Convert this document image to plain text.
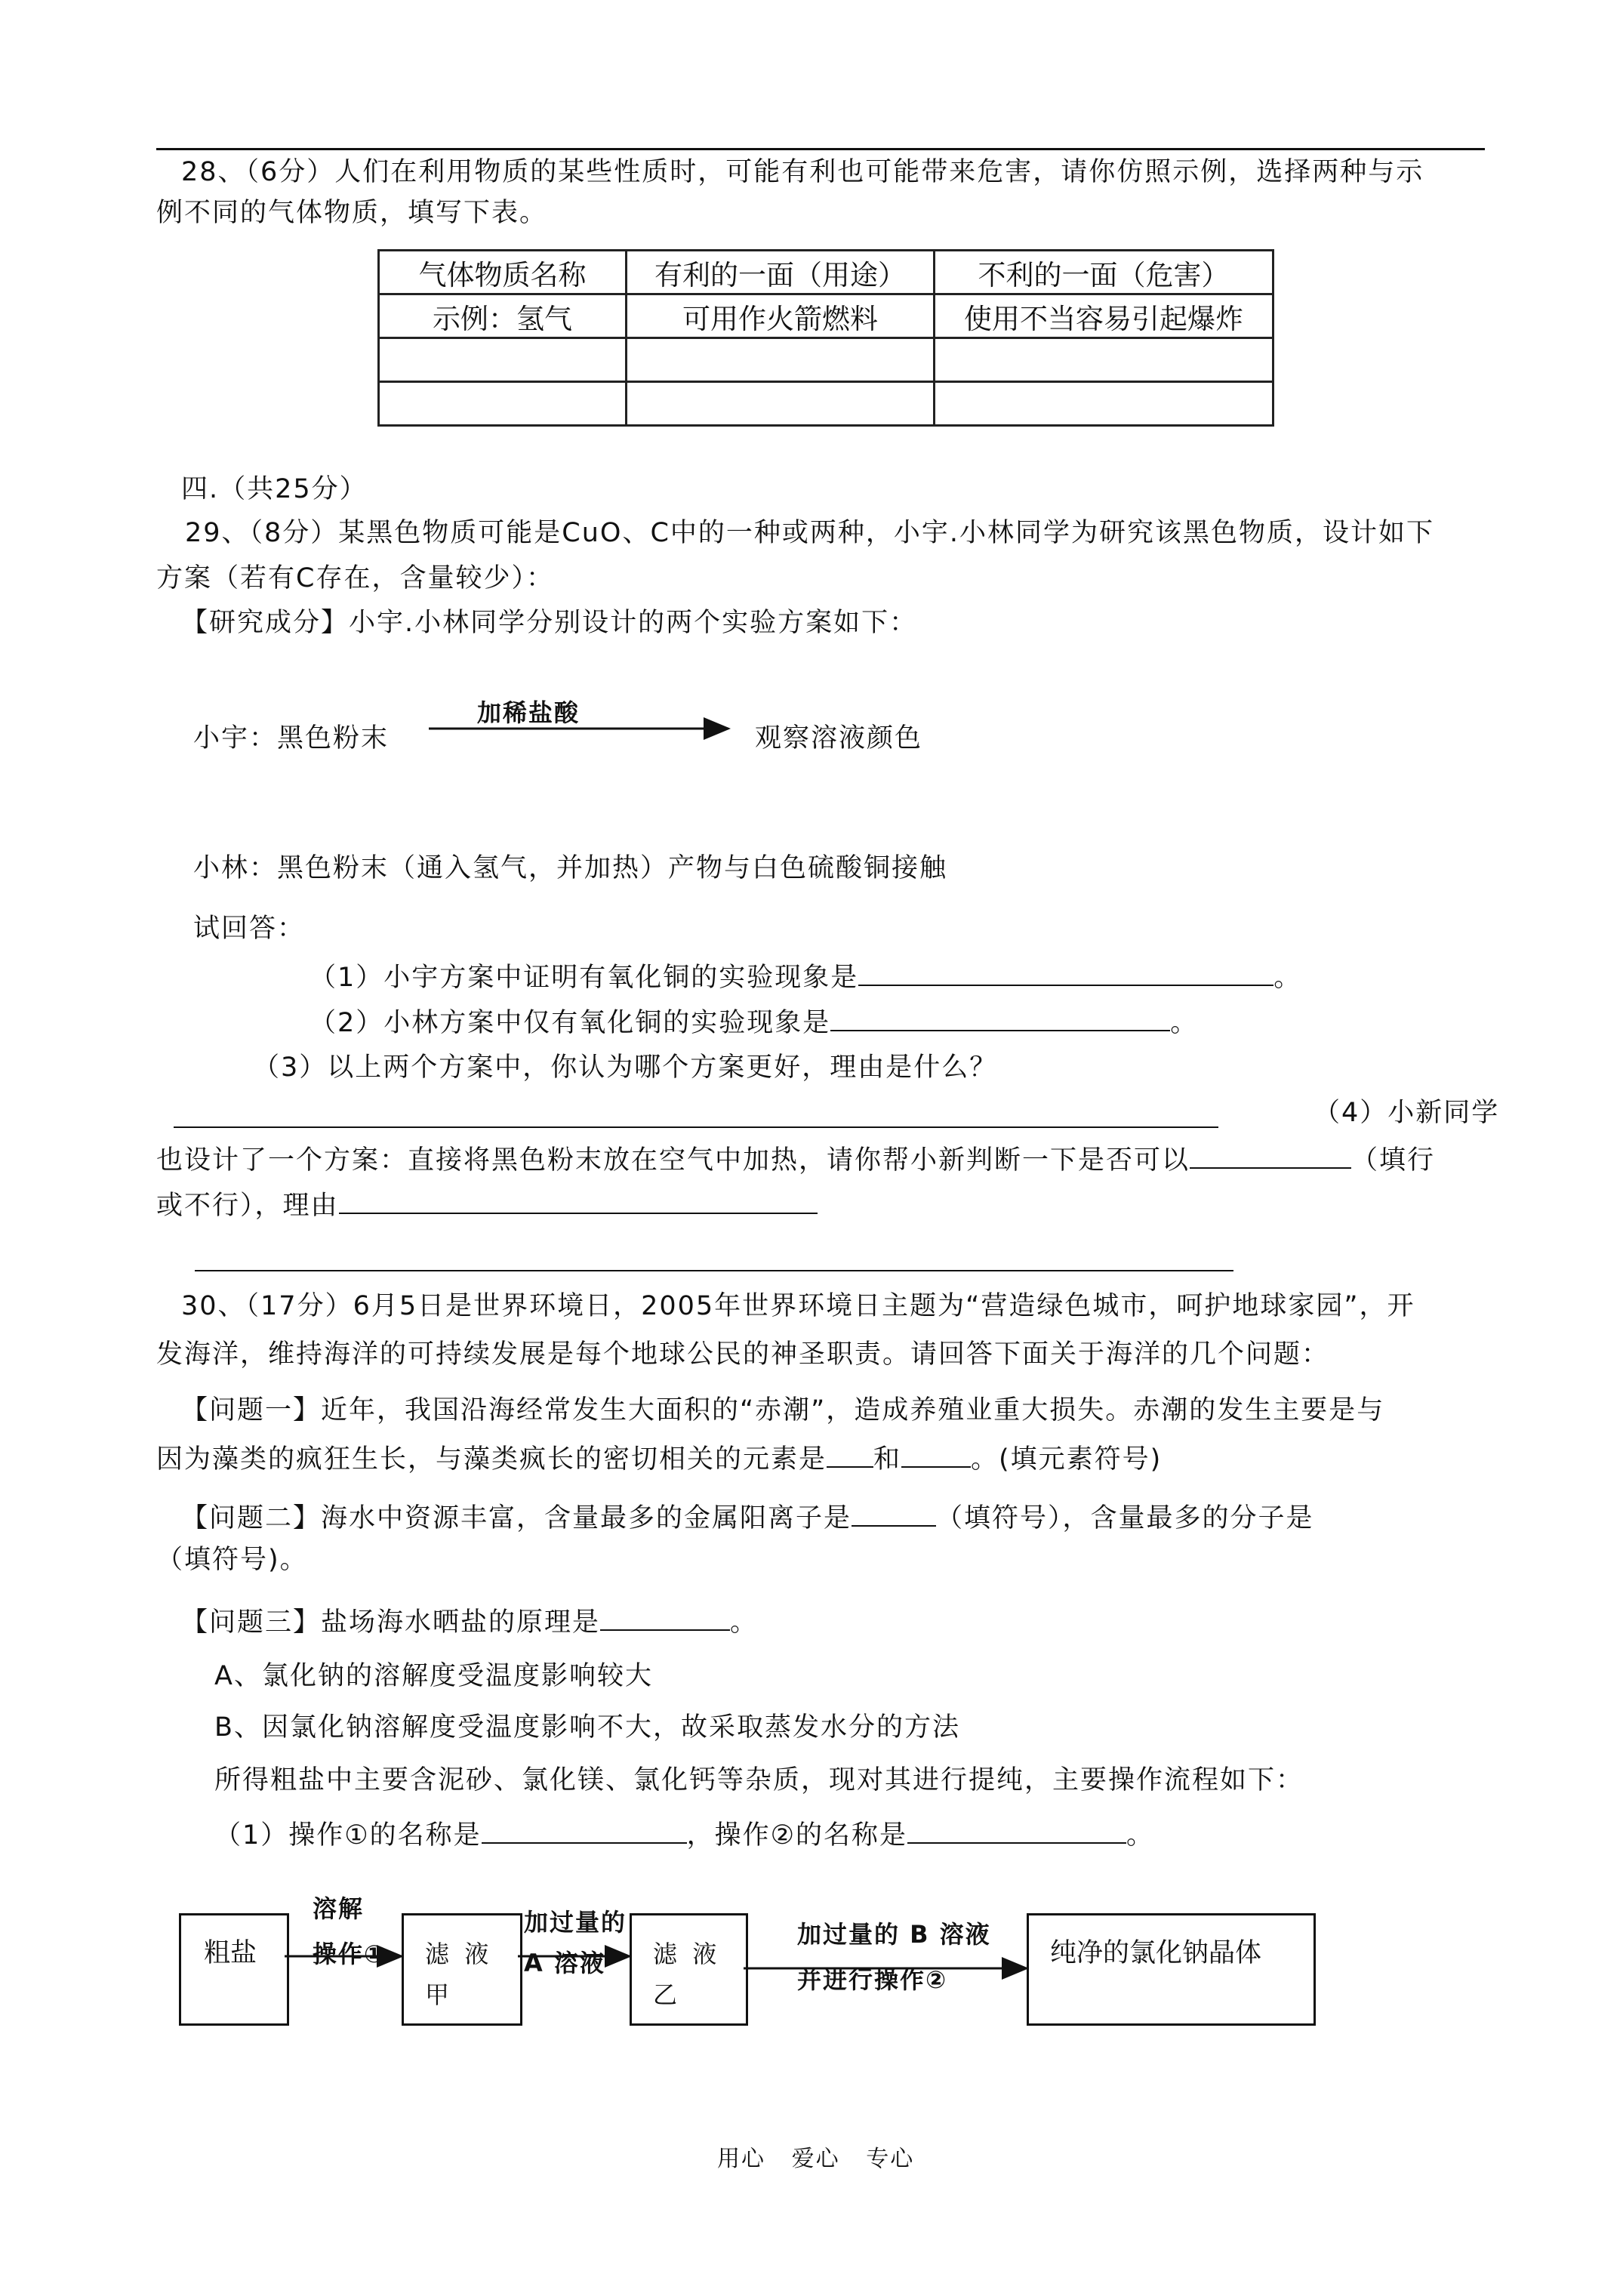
28、（6分）人们在利用物质的某些性质时，可能有利也可能带来危害，请你仿照示例，选择两种与示
例不同的气体物质，填写下表。
气体物质名称	有利的一面（用途）	不利的一面（危害）
示例：氢气	可用作火箭燃料	使用不当容易引起爆炸

四.（共25分）
29、（8分）某黑色物质可能是CuO、C中的一种或两种，小宇.小林同学为研究该黑色物质，设计如下
方案（若有C存在，含量较少）：
【研究成分】小宇.小林同学分别设计的两个实验方案如下：
小宇：黑色粉末
加稀盐酸
观察溶液颜色
小林：黑色粉末（通入氢气，并加热）产物与白色硫酸铜接触
试回答：
（1）小宇方案中证明有氧化铜的实验现象是	。
（2）小林方案中仅有氧化铜的实验现象是	。
（3）以上两个方案中，你认为哪个方案更好，理由是什么？
（4）小新同学
也设计了一个方案：直接将黑色粉末放在空气中加热，请你帮小新判断一下是否可以	（填行
或不行），理由
30、（17分）6月5日是世界环境日，2005年世界环境日主题为“营造绿色城市，呵护地球家园”，开
发海洋，维持海洋的可持续发展是每个地球公民的神圣职责。请回答下面关于海洋的几个问题：
【问题一】近年，我国沿海经常发生大面积的“赤潮”，造成养殖业重大损失。赤潮的发生主要是与
因为藻类的疯狂生长，与藻类疯长的密切相关的元素是 和	。(填元素符号)
【问题二】海水中资源丰富，含量最多的金属阳离子是	（填符号），含量最多的分子是
（填符号)。
【问题三】盐场海水晒盐的原理是	。
A、氯化钠的溶解度受温度影响较大
B、因氯化钠溶解度受温度影响不大，故采取蒸发水分的方法
所得粗盐中主要含泥砂、氯化镁、氯化钙等杂质，现对其进行提纯，主要操作流程如下：
（1）操作①的名称是	，操作②的名称是	。
粗盐	滤  液
甲
滤  液
乙
纯净的氯化钠晶体
溶解
操作①
加过量的
A 溶液
加过量的 B 溶液
并进行操作②
用心   爱心   专心
